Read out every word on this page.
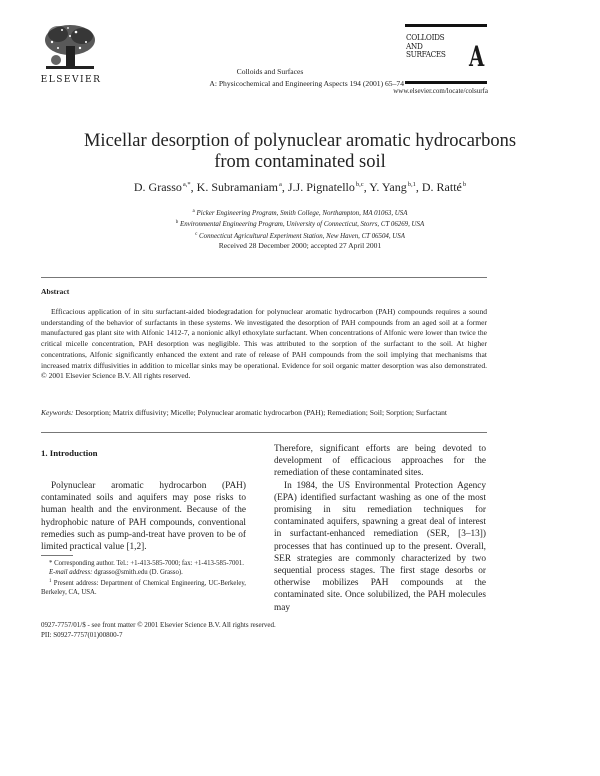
ELSEVIER
Colloids and Surfaces
A: Physicochemical and Engineering Aspects 194 (2001) 65–74
COLLOIDS
AND
SURFACES A
www.elsevier.com/locate/colsurfa
Micellar desorption of polynuclear aromatic hydrocarbons
from contaminated soil
D. Grasso $^{a,*}$, K. Subramaniam $^a$, J.J. Pignatello $^{b,c}$, Y. Yang $^{b,1}$, D. Ratté $^b$
$^a$ Picker Engineering Program, Smith College, Northampton, MA 01063, USA
$^b$ Environmental Engineering Program, University of Connecticut, Storrs, CT 06269, USA
$^c$ Connecticut Agricultural Experiment Station, New Haven, CT 06504, USA
Received 28 December 2000; accepted 27 April 2001
Abstract

Efficacious application of in situ surfactant-aided biodegradation for polynuclear aromatic hydrocarbon (PAH) compounds requires a sound understanding of the behavior of surfactants in these systems. We investigated the desorption of PAH compounds from an aged soil at a former manufactured gas plant site with Alfonic 1412-7, a nonionic alkyl ethoxylate surfactant. When concentrations of Alfonic were lower than twice the critical micelle concentration, PAH desorption was negligible. This was attributed to the sorption of the surfactant to the soil. At higher concentrations, Alfonic significantly enhanced the extent and rate of release of PAH compounds from the soil implying that mechanisms that increased matrix diffusivities in addition to micellar sinks may be operational. Evidence for soil organic matter desorption was also demonstrated. © 2001 Elsevier Science B.V. All rights reserved.

Keywords: Desorption; Matrix diffusivity; Micelle; Polynuclear aromatic hydrocarbon (PAH); Remediation; Soil; Sorption; Surfactant
1. Introduction

Polynuclear aromatic hydrocarbon (PAH) contaminated soils and aquifers may pose risks to human health and the environment. Because of the hydrophobic nature of PAH compounds, conventional remedies such as pump-and-treat have proven to be of limited practical value [1,2].

Therefore, significant efforts are being devoted to development of efficacious approaches for the remediation of these contaminated sites.

In 1984, the US Environmental Protection Agency (EPA) identified surfactant washing as one of the most promising in situ remediation techniques for contaminated aquifers, spawning a great deal of interest in surfactant-enhanced remediation (SER, [3–13]) processes that has continued up to the present. Overall, SER strategies are commonly characterized by two sequential process stages. The first stage desorbs or otherwise mobilizes PAH compounds at the contaminated site. Once solubilized, the PAH molecules may

* Corresponding author. Tel.: +1-413-585-7000; fax: +1-413-585-7001.

E-mail address: dgrasso@smith.edu (D. Grasso).

$^1$ Present address: Department of Chemical Engineering, UC-Berkeley, Berkeley, CA, USA.

0927-7757/01/$ - see front matter © 2001 Elsevier Science B.V. All rights reserved.
PII: S0927-7757(01)00800-7
